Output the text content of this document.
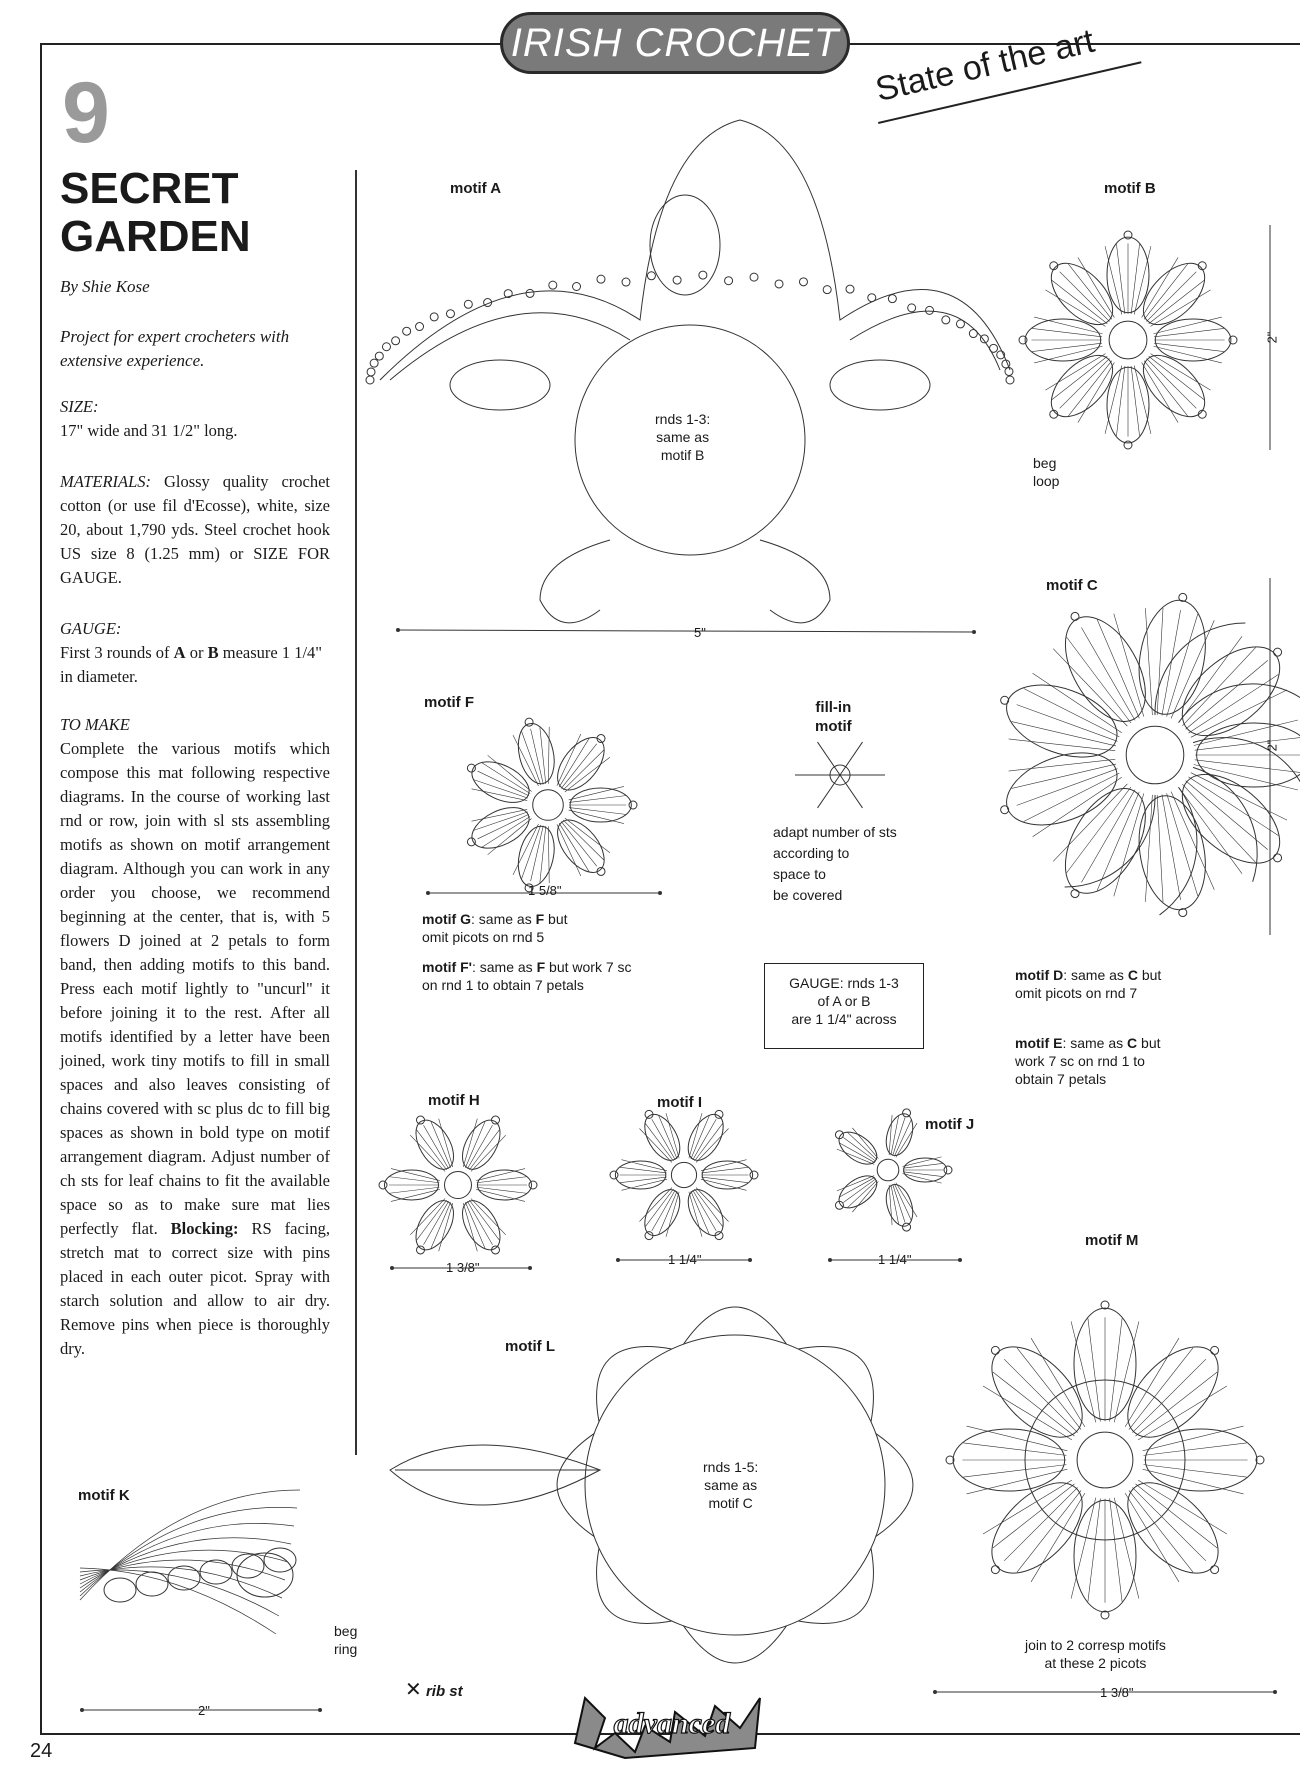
IRISH CROCHET State of the art
9
SECRET
GARDEN
By Shie Kose
Project for expert crocheters with extensive experience.
SIZE:
17" wide and 31 1/2" long.
MATERIALS: Glossy quality crochet cotton (or use fil d'Ecosse), white, size 20, about 1,790 yds. Steel crochet hook US size 8 (1.25 mm) or SIZE FOR GAUGE.
GAUGE:
First 3 rounds of A or B measure 1 1/4" in diameter.
TO MAKE
Complete the various motifs which compose this mat following respective diagrams. In the course of working last rnd or row, join with sl sts assembling motifs as shown on motif arrangement diagram. Although you can work in any order you choose, we recommend beginning at the center, that is, with 5 flowers D joined at 2 petals to form band, then adding motifs to this band. Press each motif lightly to "uncurl" it before joining it to the rest. After all motifs identified by a letter have been joined, work tiny motifs to fill in small spaces and also leaves consisting of chains covered with sc plus dc to fill big spaces as shown in bold type on motif arrangement diagram. Adjust number of ch sts for leaf chains to fit the available space so as to make sure mat lies perfectly flat. Blocking: RS facing, stretch mat to correct size with pins placed in each outer picot. Spray with starch solution and allow to air dry. Remove pins when piece is thoroughly dry.
motif A
rnds 1-3:
same as
motif B
5"
motif B
beg
loop
2"
motif C
2"
motif F
1 5/8"
fill-in
motif
adapt number of sts
according to
space to
be covered
motif G: same as F but
omit picots on rnd 5
motif F': same as F but work 7 sc
on rnd 1 to obtain 7 petals	GAUGE: rnds 1-3
of A or B
are 1 1/4" across
motif D: same as C but
omit picots on rnd 7
motif E: same as C but
work 7 sc on rnd 1 to
obtain 7 petals
motif H
1 3/8"
motif I
1 1/4"
motif J
1 1/4"
motif M
join to 2 corresp motifs
at these 2 picots
1 3/8"
motif L
rnds 1-5:
same as
motif C
motif K
beg
ring
2"
✕ rib st
24
advanced
